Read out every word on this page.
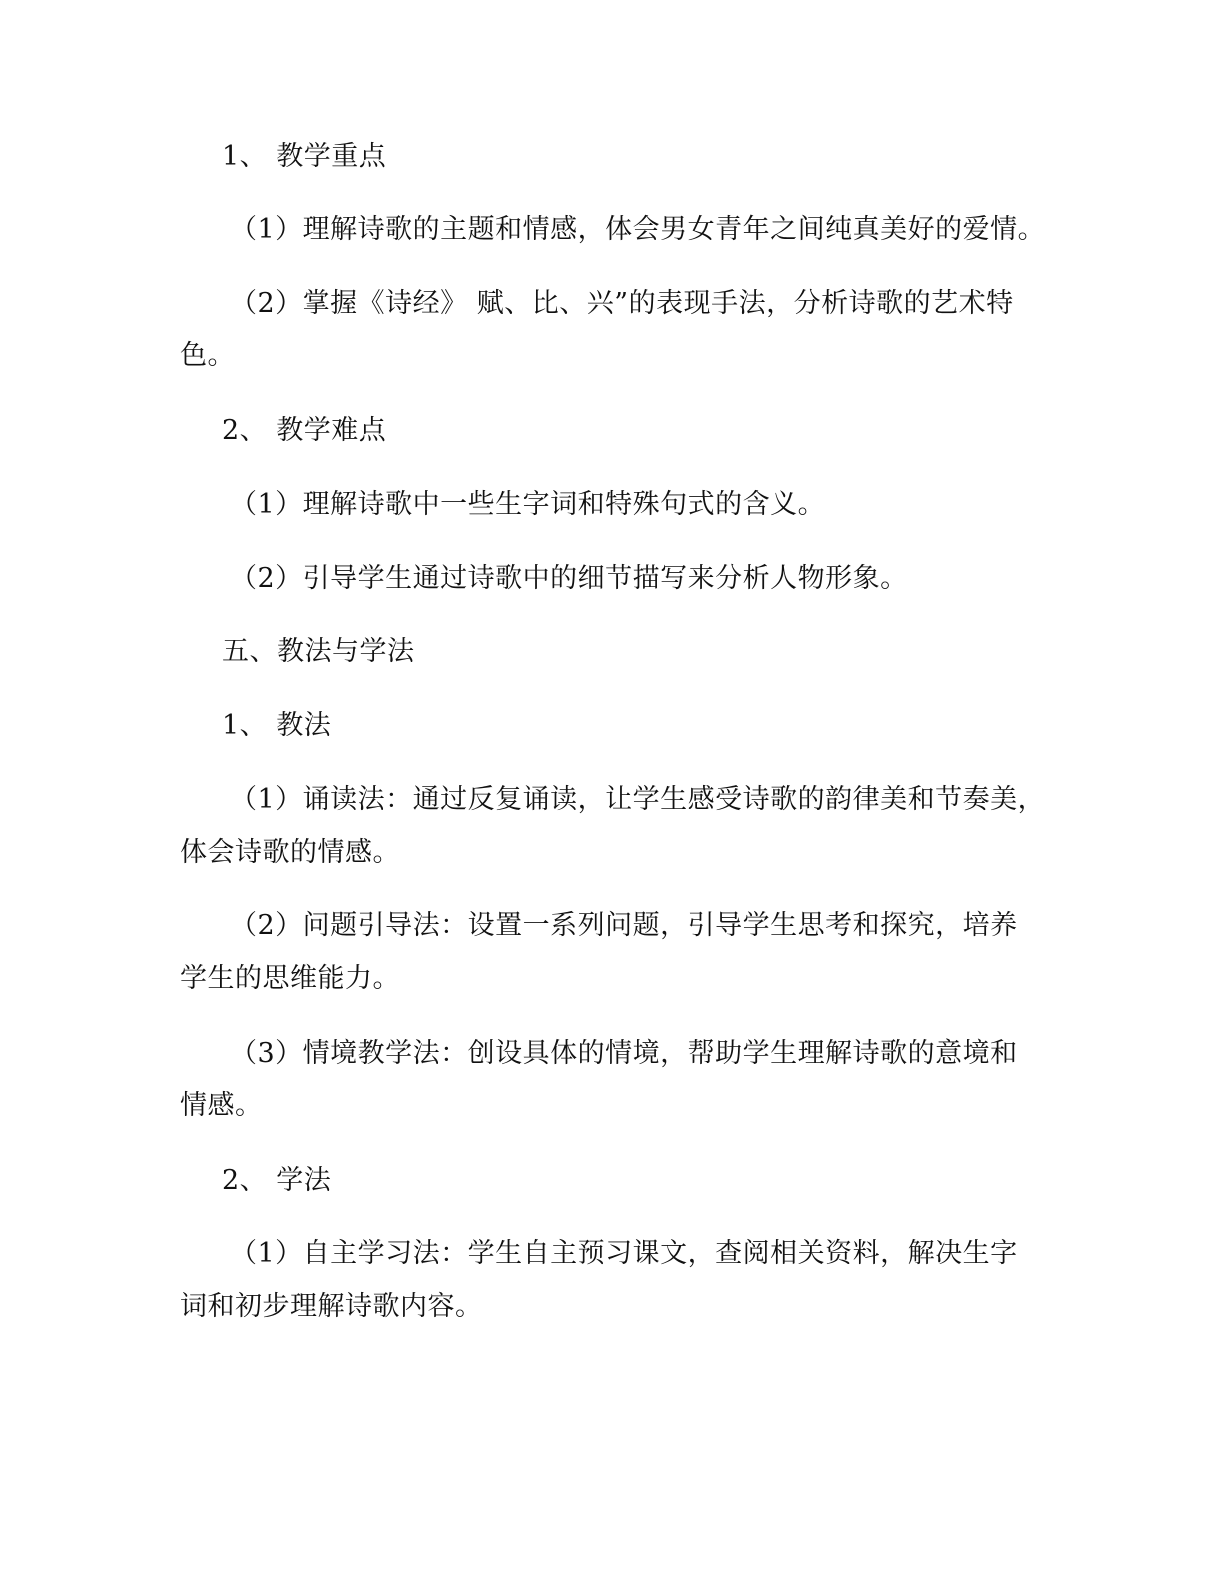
1、 教学重点
（1）理解诗歌的主题和情感，体会男女青年之间纯真美好的爱情。
（2）掌握《诗经》 赋、比、兴”的表现手法，分析诗歌的艺术特
色。
2、 教学难点
（1）理解诗歌中一些生字词和特殊句式的含义。
（2）引导学生通过诗歌中的细节描写来分析人物形象。
五、教法与学法
1、 教法
（1）诵读法：通过反复诵读，让学生感受诗歌的韵律美和节奏美，
体会诗歌的情感。
（2）问题引导法：设置一系列问题，引导学生思考和探究，培养
学生的思维能力。
（3）情境教学法：创设具体的情境，帮助学生理解诗歌的意境和
情感。
2、 学法
（1）自主学习法：学生自主预习课文，查阅相关资料，解决生字
词和初步理解诗歌内容。
